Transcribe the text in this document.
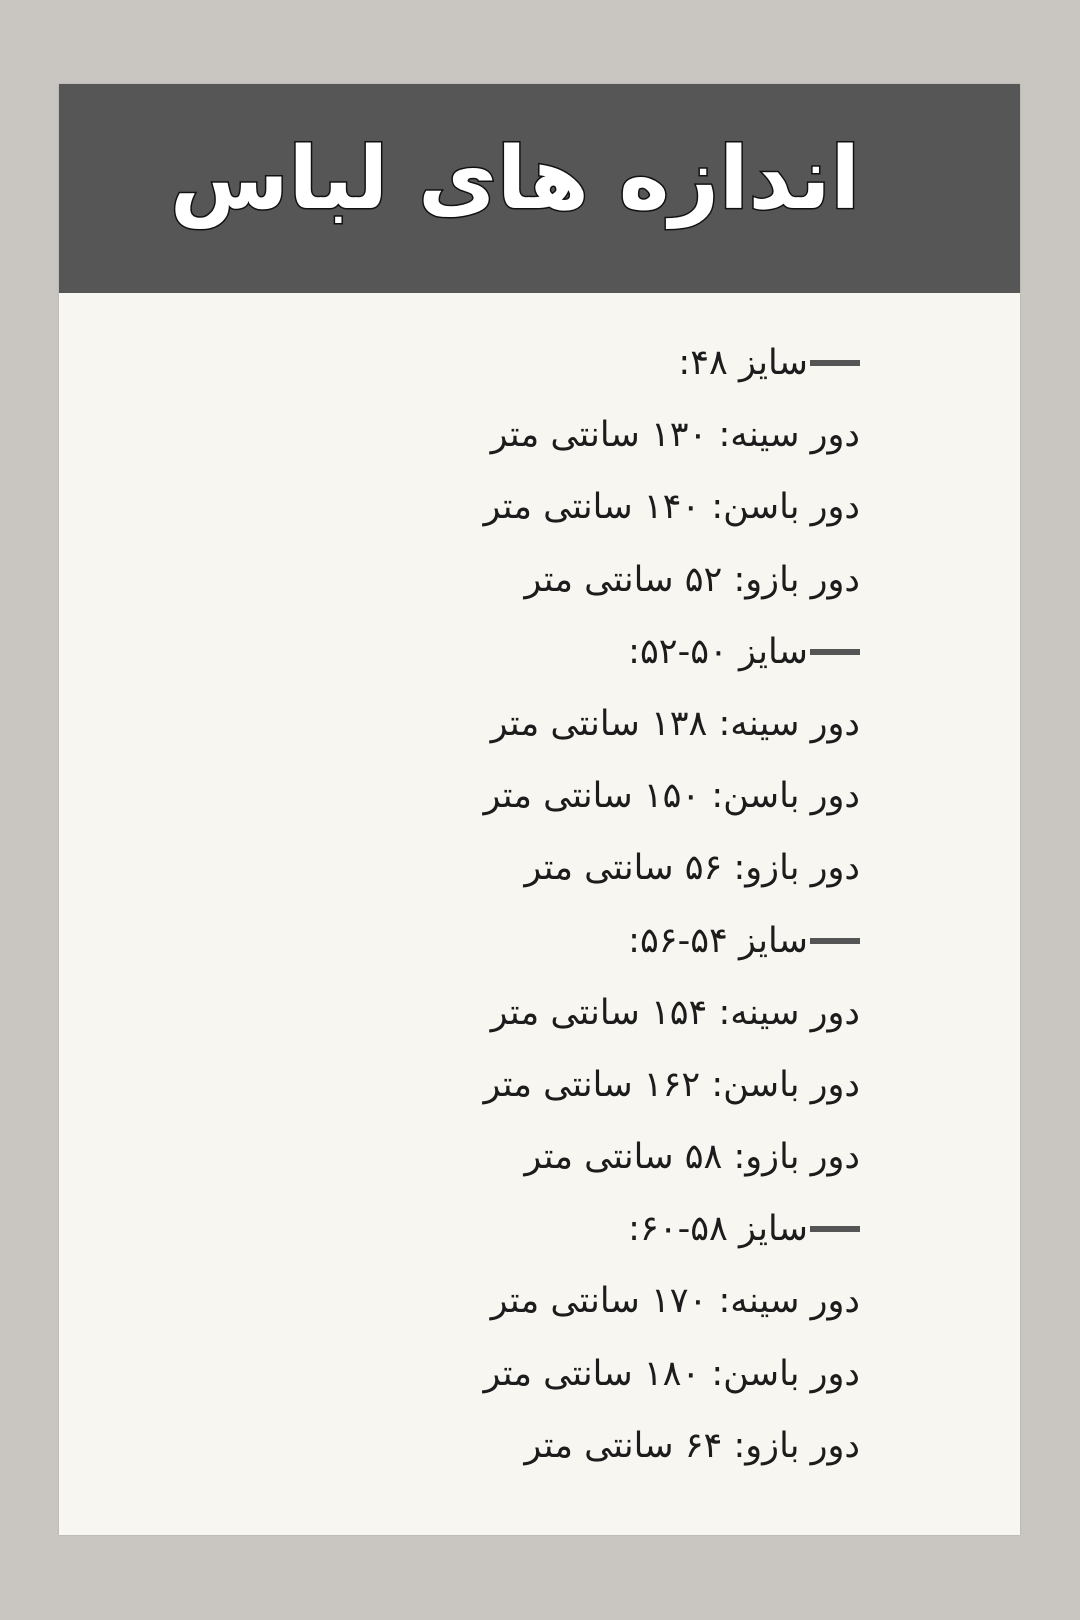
اندازه های لباس
سایز ۴۸:
دور سینه: ۱۳۰ سانتی متر
دور باسن: ۱۴۰ سانتی متر
دور بازو: ۵۲ سانتی متر
سایز ۵۰-۵۲:
دور سینه: ۱۳۸ سانتی متر
دور باسن: ۱۵۰ سانتی متر
دور بازو: ۵۶ سانتی متر
سایز ۵۴-۵۶:
دور سینه: ۱۵۴ سانتی متر
دور باسن: ۱۶۲ سانتی متر
دور بازو: ۵۸ سانتی متر
سایز ۵۸-۶۰:
دور سینه: ۱۷۰ سانتی متر
دور باسن: ۱۸۰ سانتی متر
دور بازو: ۶۴ سانتی متر
